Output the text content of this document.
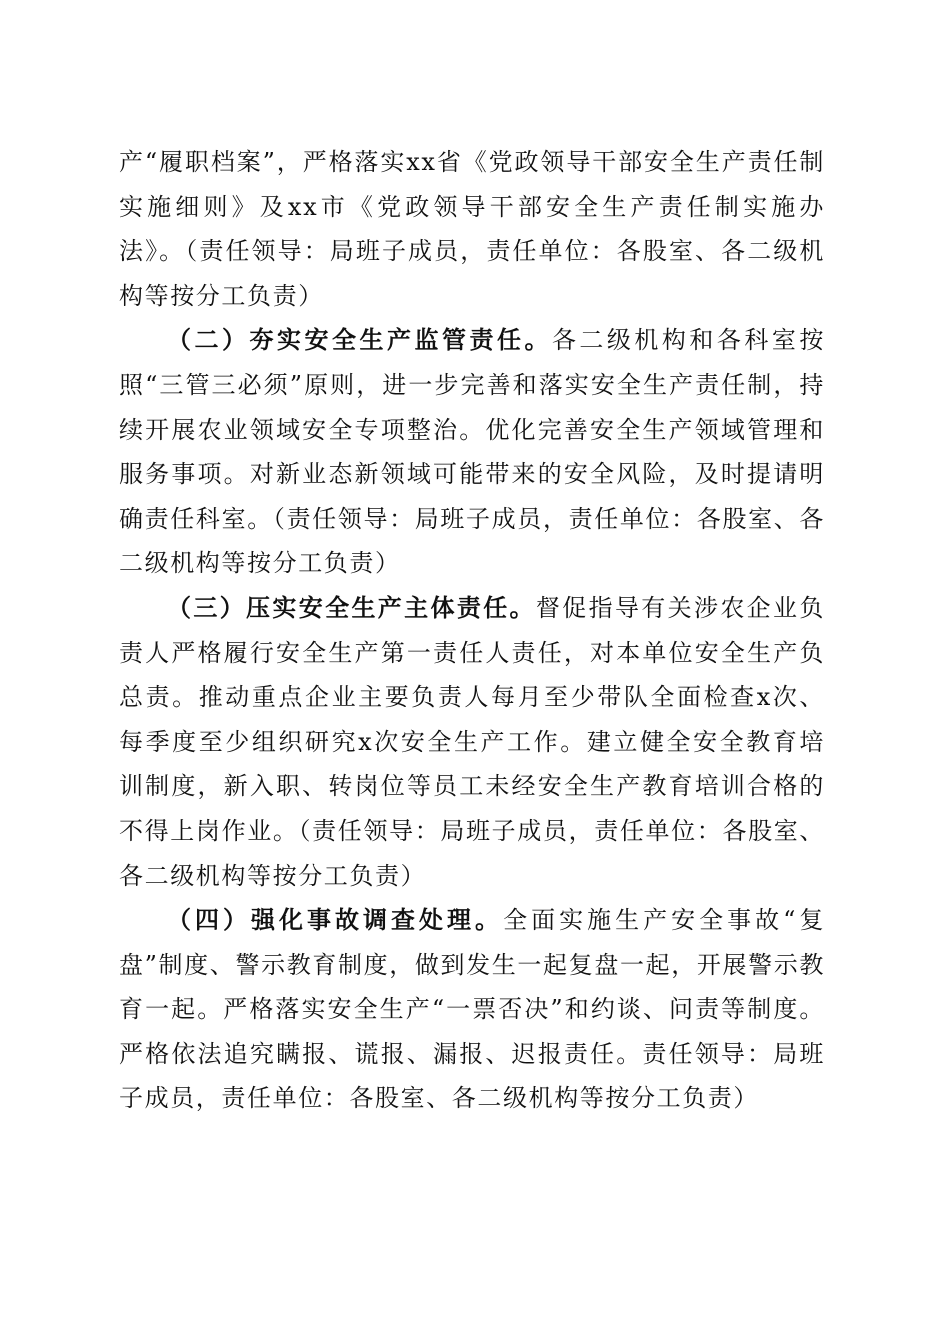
产“履职档案”，严格落实xx省《党政领导干部安全生产责任制实施细则》及xx市《党政领导干部安全生产责任制实施办法》。（责任领导：局班子成员，责任单位：各股室、各二级机构等按分工负责）

（二）夯实安全生产监管责任。各二级机构和各科室按照“三管三必须”原则，进一步完善和落实安全生产责任制，持续开展农业领域安全专项整治。优化完善安全生产领域管理和服务事项。对新业态新领域可能带来的安全风险，及时提请明确责任科室。（责任领导：局班子成员，责任单位：各股室、各二级机构等按分工负责）

（三）压实安全生产主体责任。督促指导有关涉农企业负责人严格履行安全生产第一责任人责任，对本单位安全生产负总责。推动重点企业主要负责人每月至少带队全面检查x次、每季度至少组织研究x次安全生产工作。建立健全安全教育培训制度，新入职、转岗位等员工未经安全生产教育培训合格的不得上岗作业。（责任领导：局班子成员，责任单位：各股室、各二级机构等按分工负责）

（四）强化事故调查处理。全面实施生产安全事故“复盘”制度、警示教育制度，做到发生一起复盘一起，开展警示教育一起。严格落实安全生产“一票否决”和约谈、问责等制度。严格依法追究瞒报、谎报、漏报、迟报责任。责任领导：局班子成员，责任单位：各股室、各二级机构等按分工负责）
